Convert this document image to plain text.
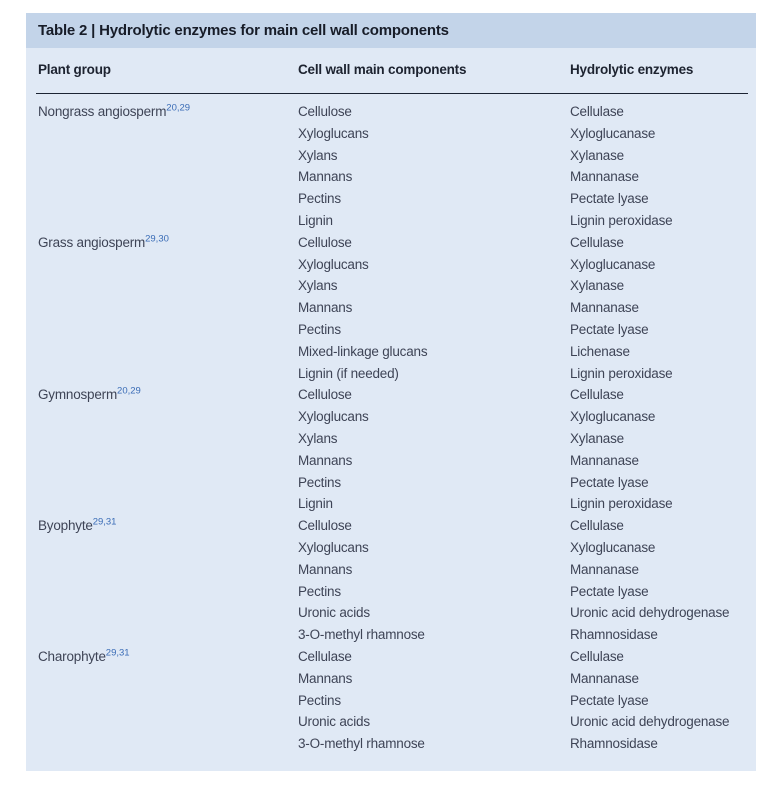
Table 2 | Hydrolytic enzymes for main cell wall components
Plant group	Cell wall main components	Hydrolytic enzymes
Nongrass angiosperm$^{20,29}$	Cellulose	Cellulase
Xyloglucans	Xyloglucanase
Xylans	Xylanase
Mannans	Mannanase
Pectins	Pectate lyase
Lignin	Lignin peroxidase
Grass angiosperm$^{29,30}$	Cellulose	Cellulase
Xyloglucans	Xyloglucanase
Xylans	Xylanase
Mannans	Mannanase
Pectins	Pectate lyase
Mixed-linkage glucans	Lichenase
Lignin (if needed)	Lignin peroxidase
Gymnosperm$^{20,29}$	Cellulose	Cellulase
Xyloglucans	Xyloglucanase
Xylans	Xylanase
Mannans	Mannanase
Pectins	Pectate lyase
Lignin	Lignin peroxidase
Byophyte$^{29,31}$	Cellulose	Cellulase
Xyloglucans	Xyloglucanase
Mannans	Mannanase
Pectins	Pectate lyase
Uronic acids	Uronic acid dehydrogenase
3-O-methyl rhamnose	Rhamnosidase
Charophyte$^{29,31}$	Cellulase	Cellulase
Mannans	Mannanase
Pectins	Pectate lyase
Uronic acids	Uronic acid dehydrogenase
3-O-methyl rhamnose	Rhamnosidase
